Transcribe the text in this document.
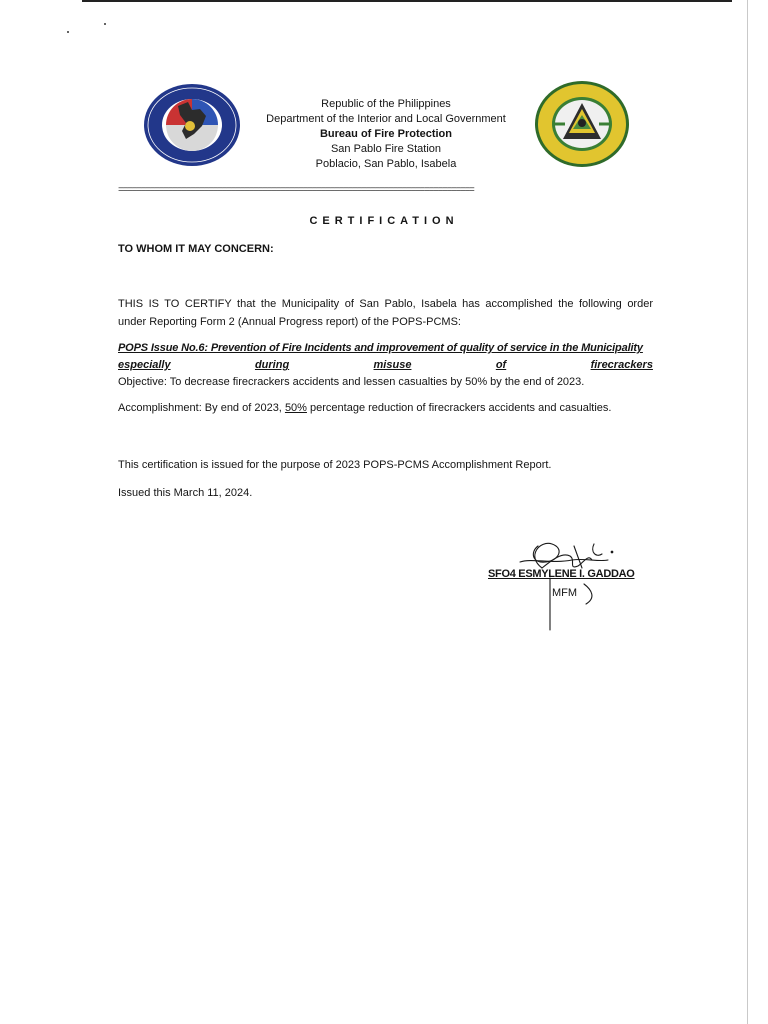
BUREAU OF FIRE PROTECTION
Republic of the Philippines
Department of the Interior and Local Government
Bureau of Fire Protection
San Pablo Fire Station
Poblacio, San Pablo, Isabela
===============================================================================
CERTIFICATION
TO WHOM IT MAY CONCERN:
THIS IS TO CERTIFY that the Municipality of San Pablo, Isabela has accomplished the following order
under Reporting Form 2 (Annual Progress report) of the POPS-PCMS:
POPS Issue No.6: Prevention of Fire Incidents and improvement of quality of service in the Municipality
especially	during	misuse	of	firecrackers
Objective: To decrease firecrackers accidents and lessen casualties by 50% by the end of 2023.
Accomplishment: By end of 2023, 50% percentage reduction of firecrackers accidents and casualties.
This certification is issued for the purpose of 2023 POPS-PCMS Accomplishment Report.
Issued this March 11, 2024.
SFO4 ESMYLENE I. GADDAO
MFM
